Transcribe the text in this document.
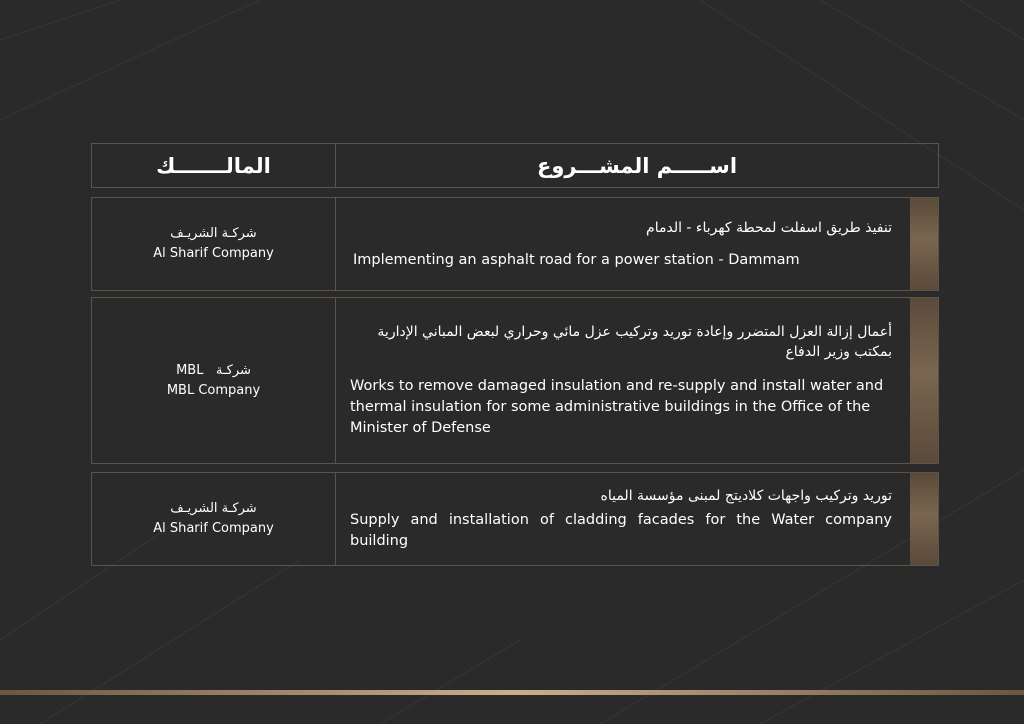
المالـــــــك	اســـــم المشـــروع
شركـة الشريـف
Al Sharif Company
تنفيذ طريق اسفلت لمحطة كهرباء - الدمام
Implementing an asphalt road for a power station - Dammam
شركـة   MBL
MBL Company
أعمال إزالة العزل المتضرر وإعادة توريد وتركيب عزل مائي وحراري لبعض المباني الإدارية بمكتب وزير الدفاع
Works to remove damaged insulation and re-supply and install water and thermal insulation for some administrative buildings in the Office of the Minister of Defense
شركـة الشريـف
Al Sharif Company
توريد وتركيب واجهات كلاديتج لمبنى مؤسسة المياه
Supply and installation of cladding facades for the Water company building
